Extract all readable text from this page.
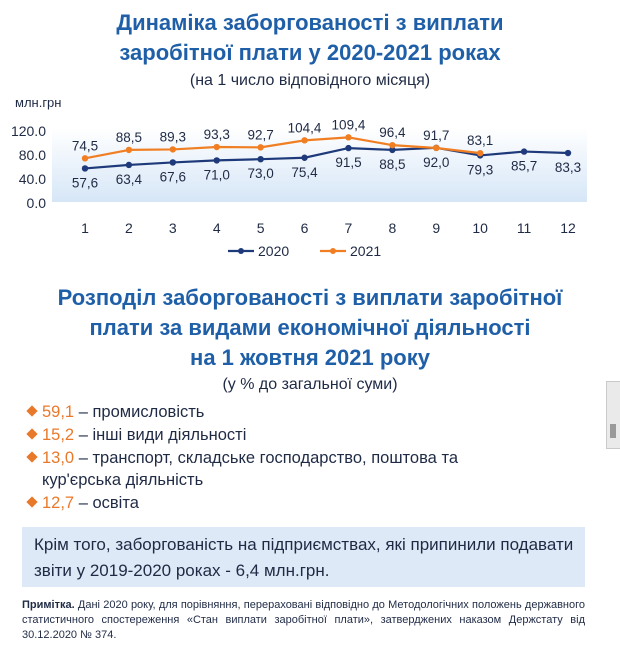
Динаміка заборгованості з виплати
заробітної плати у 2020-2021 роках
(на 1 число відповідного місяця)
млн.грн
0.0
40.0
80.0
120.0
1	2	3	4	5	6	7	8	9 10 11 12
57,6 63,4 67,6 71,0 73,0 75,4
91,5 88,5 92,0
79,3 85,7 83,3
74,5
88,5 89,3 93,3 92,7 104,4 109,4
96,4 91,7 83,1
2020	2021
Розподіл заборгованості з виплати заробітної
плати за видами економічної діяльності
на 1 жовтня 2021 року
(у % до загальної суми)
59,1 – промисловість
15,2 – інші види діяльності
13,0 – транспорт, складське господарство, поштова та кур'єрська діяльність
12,7 – освіта
Крім того, заборгованість на підприємствах, які припинили подавати звіти у 2019-2020 роках - 6,4 млн.грн.
Примітка. Дані 2020 року, для порівняння, перераховані відповідно до Методологічних положень державного статистичного спостереження «Стан виплати заробітної плати», затверджених наказом Держстату від 30.12.2020 № 374.
